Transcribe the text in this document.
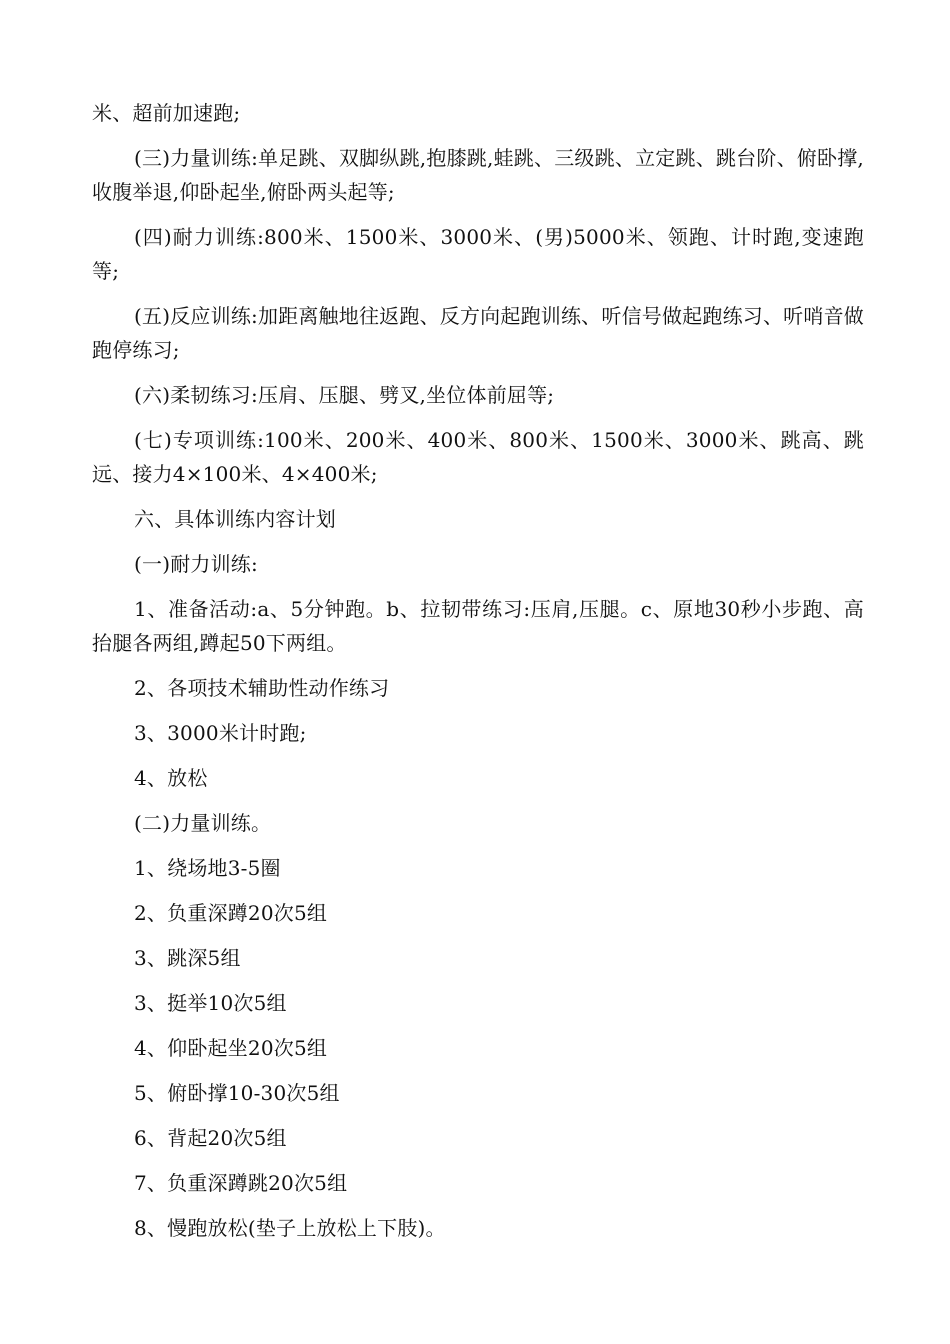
米、超前加速跑;

(三)力量训练:单足跳、双脚纵跳,抱膝跳,蛙跳、三级跳、立定跳、跳台阶、俯卧撑,收腹举退,仰卧起坐,俯卧两头起等;

(四)耐力训练:800米、1500米、3000米、(男)5000米、领跑、计时跑,变速跑等;

(五)反应训练:加距离触地往返跑、反方向起跑训练、听信号做起跑练习、听哨音做跑停练习;

(六)柔韧练习:压肩、压腿、劈叉,坐位体前屈等;

(七)专项训练:100米、200米、400米、800米、1500米、3000米、跳高、跳远、接力4×100米、4×400米;

六、具体训练内容计划

(一)耐力训练:

1、准备活动:a、5分钟跑。b、拉韧带练习:压肩,压腿。c、原地30秒小步跑、高抬腿各两组,蹲起50下两组。

2、各项技术辅助性动作练习

3、3000米计时跑;

4、放松

(二)力量训练。

1、绕场地3-5圈

2、负重深蹲20次5组

3、跳深5组

3、挺举10次5组

4、仰卧起坐20次5组

5、俯卧撑10-30次5组

6、背起20次5组

7、负重深蹲跳20次5组

8、慢跑放松(垫子上放松上下肢)。
